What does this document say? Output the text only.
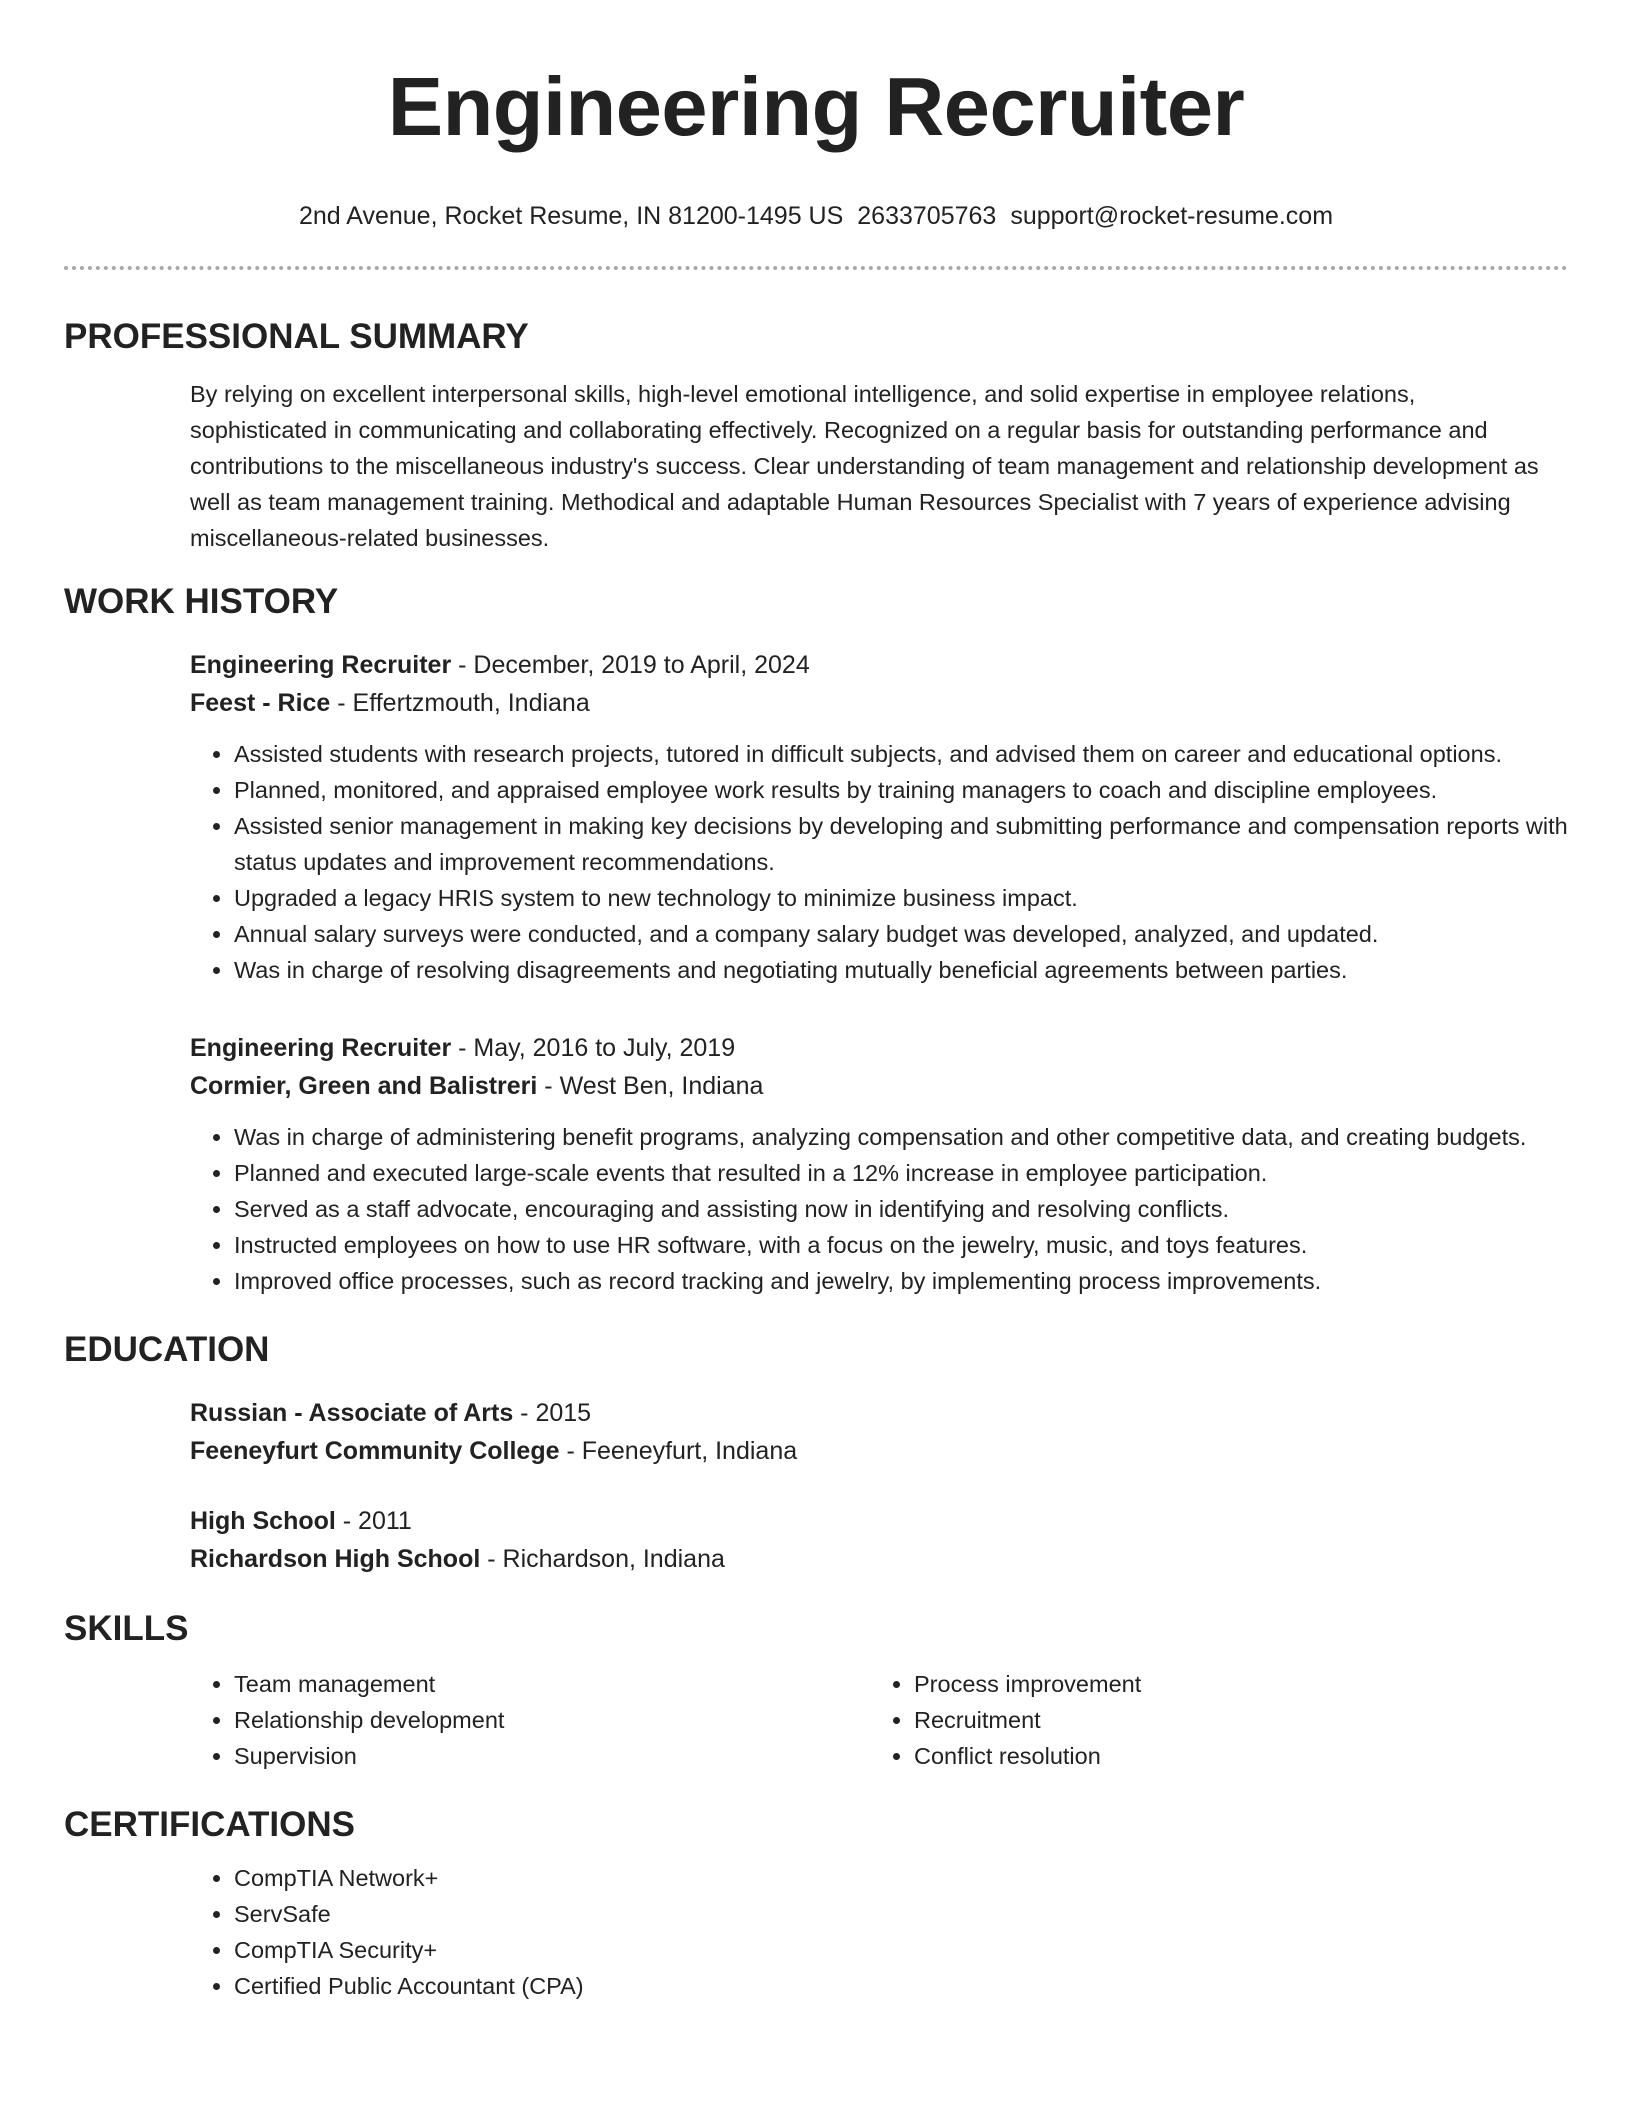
Engineering Recruiter
2nd Avenue, Rocket Resume, IN 81200-1495 US 2633705763 support@rocket-resume.com
PROFESSIONAL SUMMARY
By relying on excellent interpersonal skills, high-level emotional intelligence, and solid expertise in employee relations, sophisticated in communicating and collaborating effectively. Recognized on a regular basis for outstanding performance and contributions to the miscellaneous industry's success. Clear understanding of team management and relationship development as well as team management training. Methodical and adaptable Human Resources Specialist with 7 years of experience advising miscellaneous-related businesses.
WORK HISTORY
Engineering Recruiter - December, 2019 to April, 2024
Feest - Rice - Effertzmouth, Indiana
• Assisted students with research projects, tutored in difficult subjects, and advised them on career and educational options.
• Planned, monitored, and appraised employee work results by training managers to coach and discipline employees.
• Assisted senior management in making key decisions by developing and submitting performance and compensation reports with status updates and improvement recommendations.
• Upgraded a legacy HRIS system to new technology to minimize business impact.
• Annual salary surveys were conducted, and a company salary budget was developed, analyzed, and updated.
• Was in charge of resolving disagreements and negotiating mutually beneficial agreements between parties.
Engineering Recruiter - May, 2016 to July, 2019
Cormier, Green and Balistreri - West Ben, Indiana
• Was in charge of administering benefit programs, analyzing compensation and other competitive data, and creating budgets.
• Planned and executed large-scale events that resulted in a 12% increase in employee participation.
• Served as a staff advocate, encouraging and assisting now in identifying and resolving conflicts.
• Instructed employees on how to use HR software, with a focus on the jewelry, music, and toys features.
• Improved office processes, such as record tracking and jewelry, by implementing process improvements.
EDUCATION
Russian - Associate of Arts - 2015
Feeneyfurt Community College - Feeneyfurt, Indiana
High School - 2011
Richardson High School - Richardson, Indiana
SKILLS
• Team management
• Relationship development
• Supervision
• Process improvement
• Recruitment
• Conflict resolution
CERTIFICATIONS
• CompTIA Network+
• ServSafe
• CompTIA Security+
• Certified Public Accountant (CPA)
